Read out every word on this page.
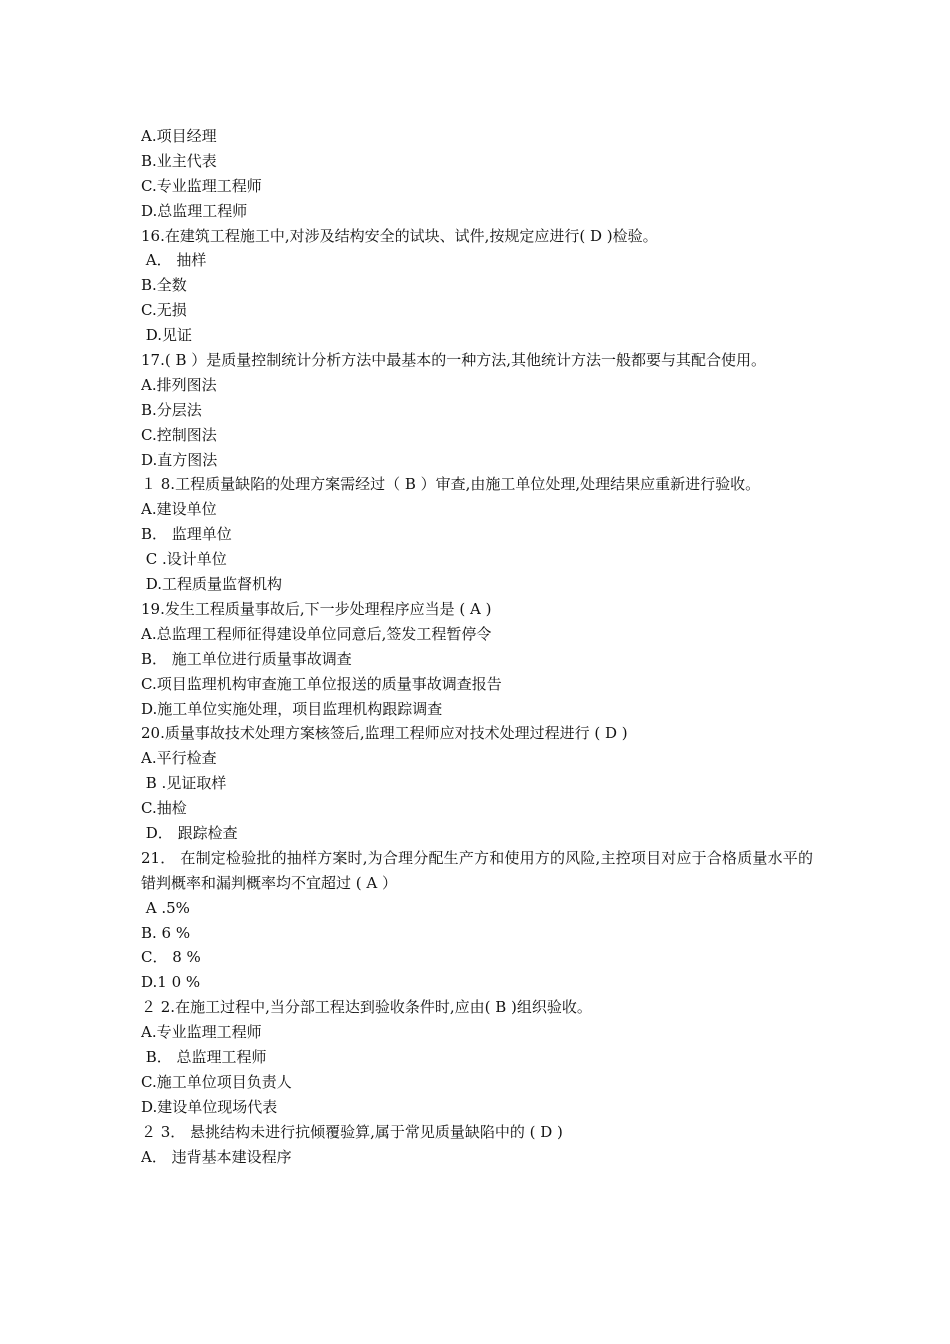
A.项目经理
B.业主代表
C.专业监理工程师
D.总监理工程师
16.在建筑工程施工中,对涉及结构安全的试块、试件,按规定应进行( D )检验。
A． 抽样
B.全数
C.无损
D.见证
17.( B ）是质量控制统计分析方法中最基本的一种方法,其他统计方法一般都要与其配合使用。
A.排列图法
B.分层法
C.控制图法
D.直方图法
１ 8.工程质量缺陷的处理方案需经过（ B ）审查,由施工单位处理,处理结果应重新进行验收。
A.建设单位
B． 监理单位
C .设计单位
D.工程质量监督机构
19.发生工程质量事故后,下一步处理程序应当是 ( A )
A.总监理工程师征得建设单位同意后,签发工程暂停令
B． 施工单位进行质量事故调查
C.项目监理机构审查施工单位报送的质量事故调查报告
D.施工单位实施处理，项目监理机构跟踪调查
20.质量事故技术处理方案核签后,监理工程师应对技术处理过程进行 ( D )
A.平行检查
B .见证取样
C.抽检
D． 跟踪检查
21． 在制定检验批的抽样方案时,为合理分配生产方和使用方的风险,主控项目对应于合格质量水平的错判概率和漏判概率均不宜超过 ( A ）
A .5%
B. 6 %
C． 8 %
D.1 0 %
２ 2.在施工过程中,当分部工程达到验收条件时,应由( B )组织验收。
A.专业监理工程师
B． 总监理工程师
C.施工单位项目负责人
D.建设单位现场代表
２ 3． 悬挑结构未进行抗倾覆验算,属于常见质量缺陷中的 ( D )
A． 违背基本建设程序
